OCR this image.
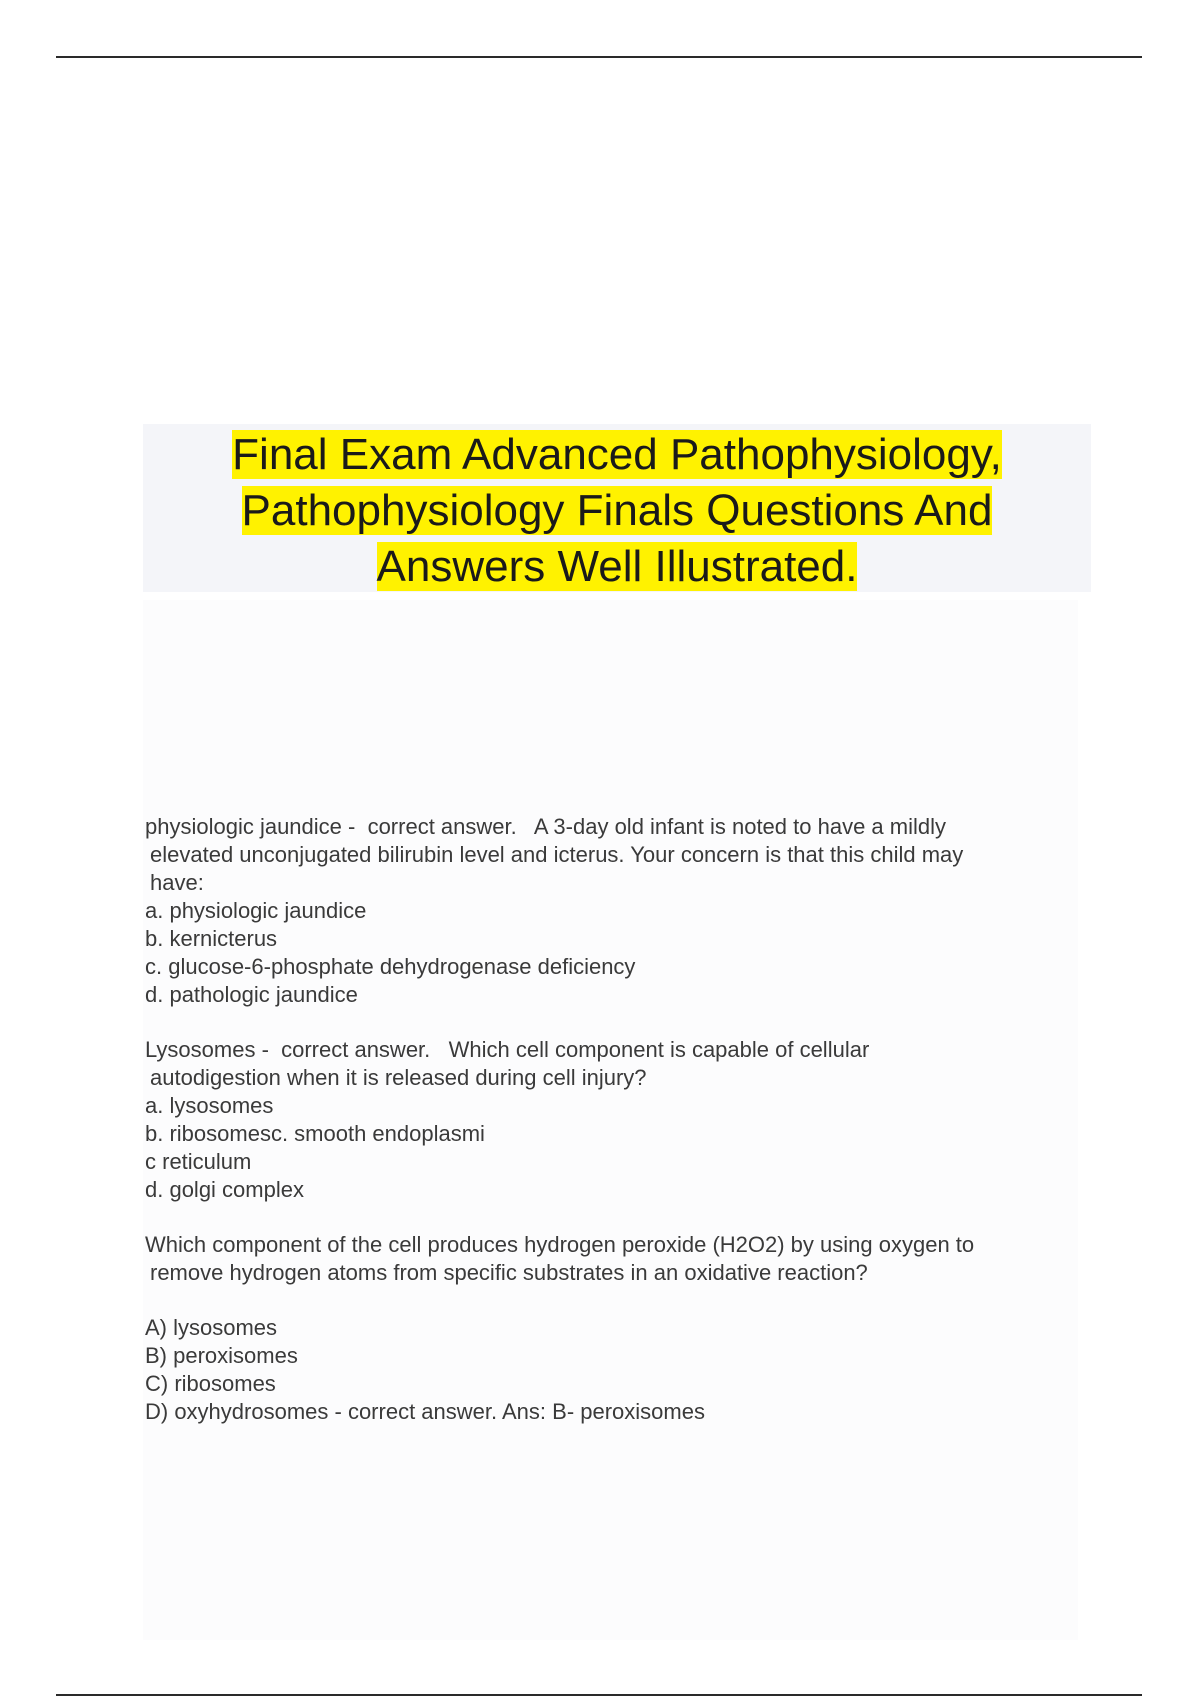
Final Exam Advanced Pathophysiology,
Pathophysiology Finals Questions And
Answers Well Illustrated.

physiologic jaundice -  correct answer.   A 3-day old infant is noted to have a mildly

elevated unconjugated bilirubin level and icterus. Your concern is that this child may

have:

a. physiologic jaundice

b. kernicterus

c. glucose-6-phosphate dehydrogenase deficiency

d. pathologic jaundice

Lysosomes -  correct answer.   Which cell component is capable of cellular

autodigestion when it is released during cell injury?

a. lysosomes

b. ribosomesc. smooth endoplasmi

c reticulum

d. golgi complex

Which component of the cell produces hydrogen peroxide (H2O2) by using oxygen to

remove hydrogen atoms from specific substrates in an oxidative reaction?

A) lysosomes

B) peroxisomes

C) ribosomes

D) oxyhydrosomes - correct answer. Ans: B- peroxisomes
